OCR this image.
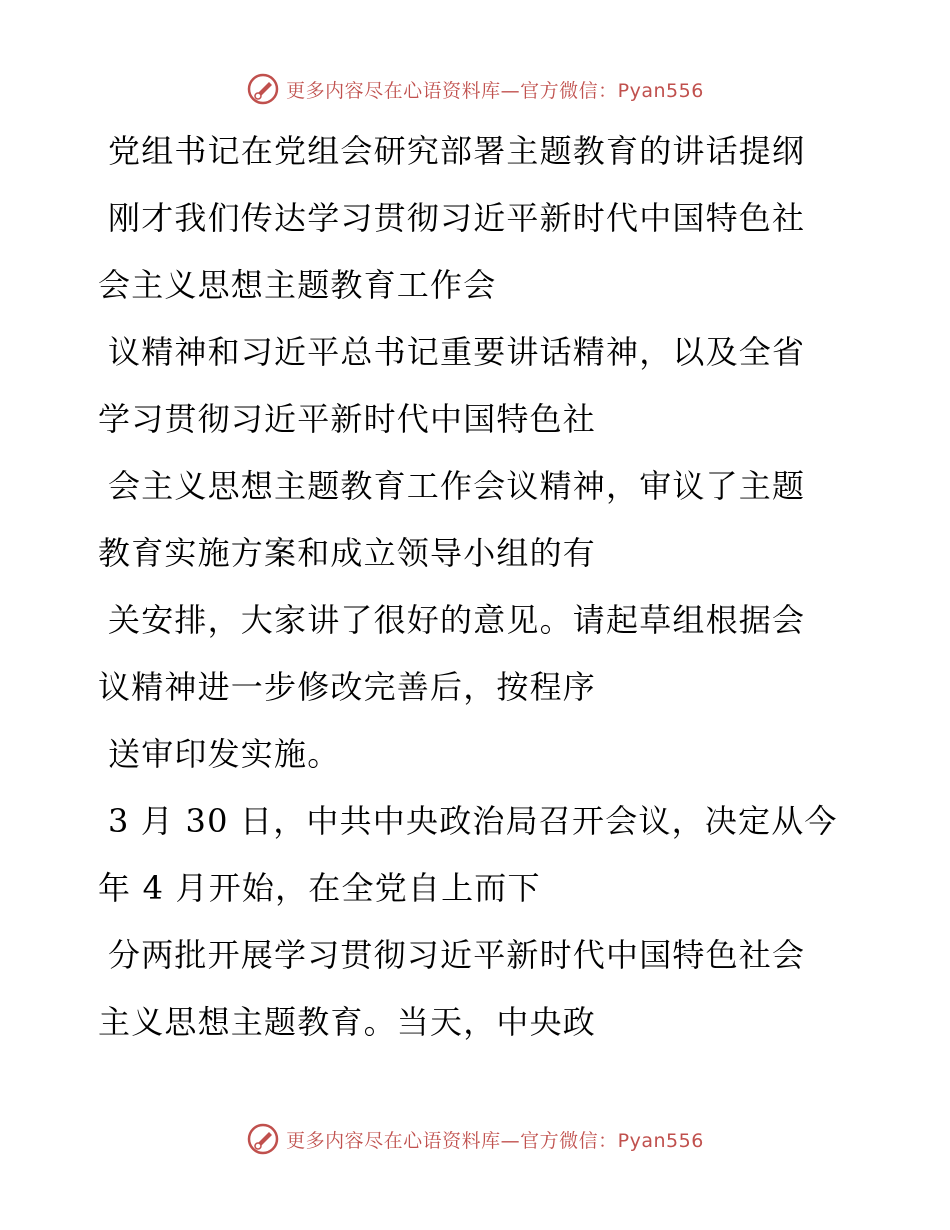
更多内容尽在心语资料库—官方微信：Pyan556

党组书记在党组会研究部署主题教育的讲话提纲

刚才我们传达学习贯彻习近平新时代中国特色社

会主义思想主题教育工作会

议精神和习近平总书记重要讲话精神，以及全省

学习贯彻习近平新时代中国特色社

会主义思想主题教育工作会议精神，审议了主题

教育实施方案和成立领导小组的有

关安排，大家讲了很好的意见。请起草组根据会

议精神进一步修改完善后，按程序

送审印发实施。

3 月 30 日，中共中央政治局召开会议，决定从今

年 4 月开始，在全党自上而下

分两批开展学习贯彻习近平新时代中国特色社会

主义思想主题教育。当天，中央政

更多内容尽在心语资料库—官方微信：Pyan556
